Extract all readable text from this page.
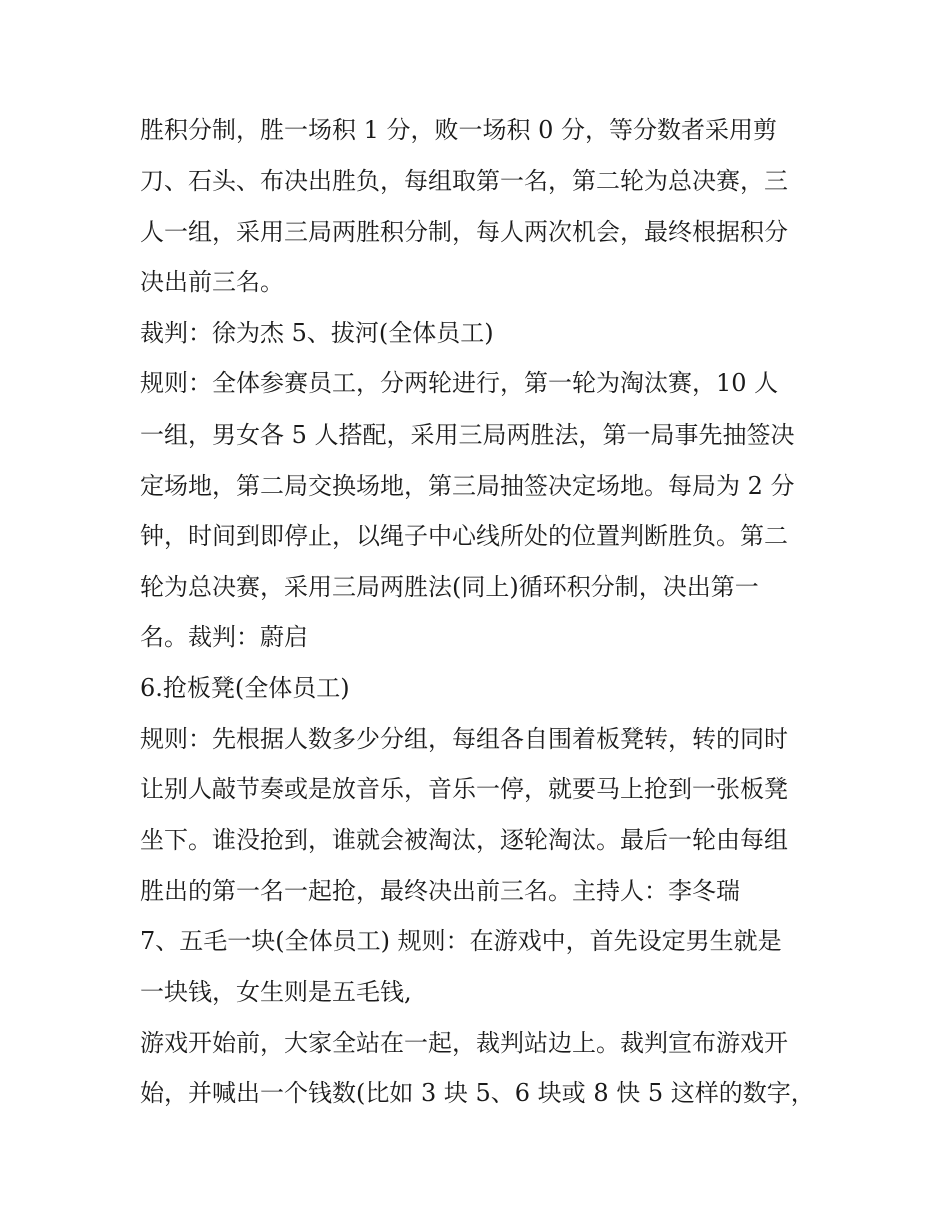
胜积分制，胜一场积 1 分，败一场积 0 分，等分数者采用剪
刀、石头、布决出胜负，每组取第一名，第二轮为总决赛，三
人一组，采用三局两胜积分制，每人两次机会，最终根据积分
决出前三名。
裁判：徐为杰 5、拔河(全体员工)
规则：全体参赛员工，分两轮进行，第一轮为淘汰赛，10 人
一组，男女各 5 人搭配，采用三局两胜法，第一局事先抽签决
定场地，第二局交换场地，第三局抽签决定场地。每局为 2 分
钟，时间到即停止，以绳子中心线所处的位置判断胜负。第二
轮为总决赛，采用三局两胜法(同上)循环积分制，决出第一
名。裁判：蔚启
6.抢板凳(全体员工)
规则：先根据人数多少分组，每组各自围着板凳转，转的同时
让别人敲节奏或是放音乐，音乐一停，就要马上抢到一张板凳
坐下。谁没抢到，谁就会被淘汰，逐轮淘汰。最后一轮由每组
胜出的第一名一起抢，最终决出前三名。主持人：李冬瑞
7、五毛一块(全体员工) 规则：在游戏中，首先设定男生就是
一块钱，女生则是五毛钱,
游戏开始前，大家全站在一起，裁判站边上。裁判宣布游戏开
始，并喊出一个钱数(比如 3 块 5、6 块或 8 快 5 这样的数字，
